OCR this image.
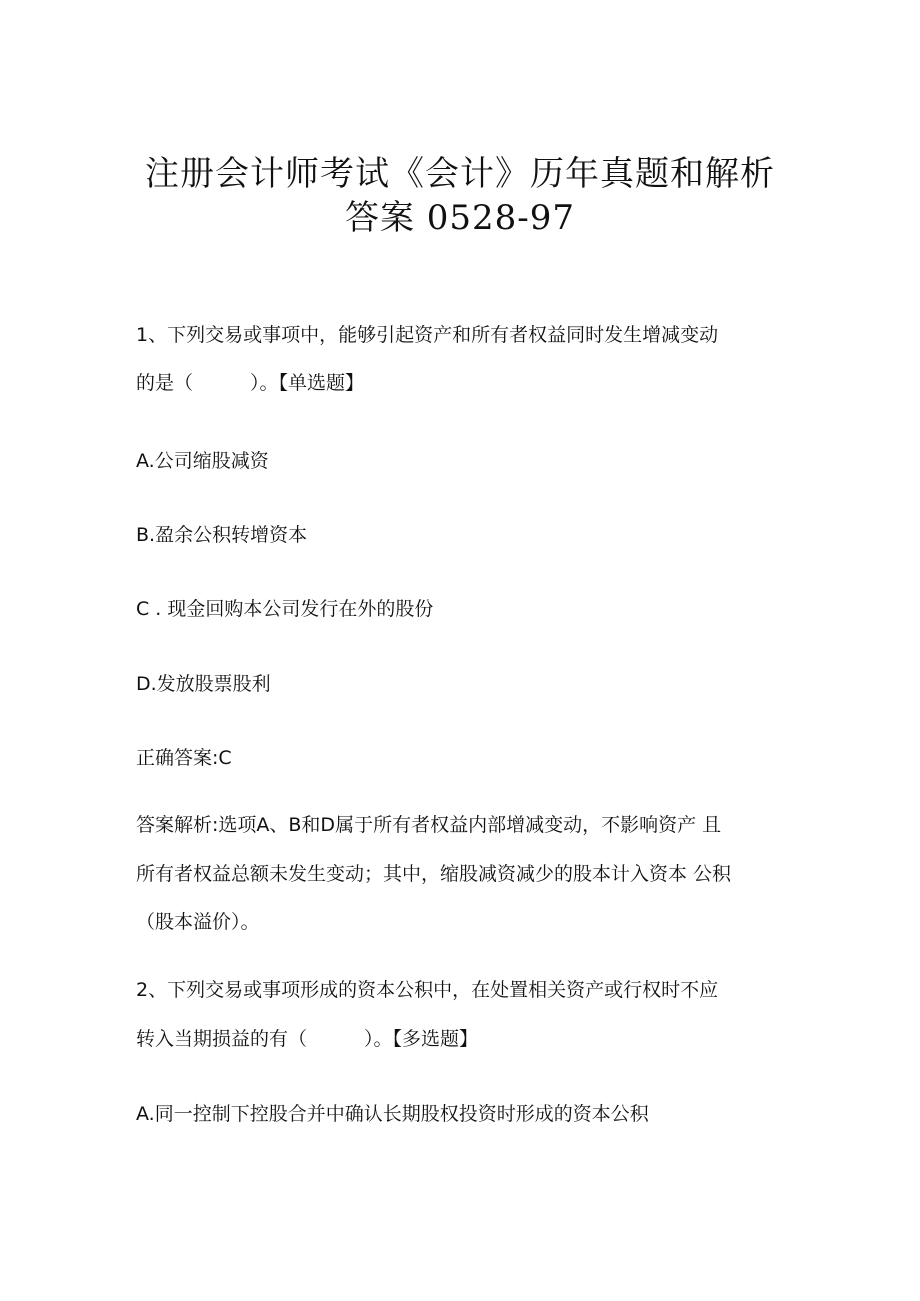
注册会计师考试《会计》历年真题和解析
答案 0528-97
1、下列交易或事项中，能够引起资产和所有者权益同时发生增减变动
的是（　　　）。【单选题】
A.公司缩股减资
B.盈余公积转增资本
C . 现金回购本公司发行在外的股份
D.发放股票股利
正确答案:C
答案解析:选项A、B和D属于所有者权益内部增减变动，不影响资产 且
所有者权益总额未发生变动；其中，缩股减资减少的股本计入资本 公积
（股本溢价）。
2、下列交易或事项形成的资本公积中，在处置相关资产或行权时不应
转入当期损益的有（　　　）。【多选题】
A.同一控制下控股合并中确认长期股权投资时形成的资本公积
